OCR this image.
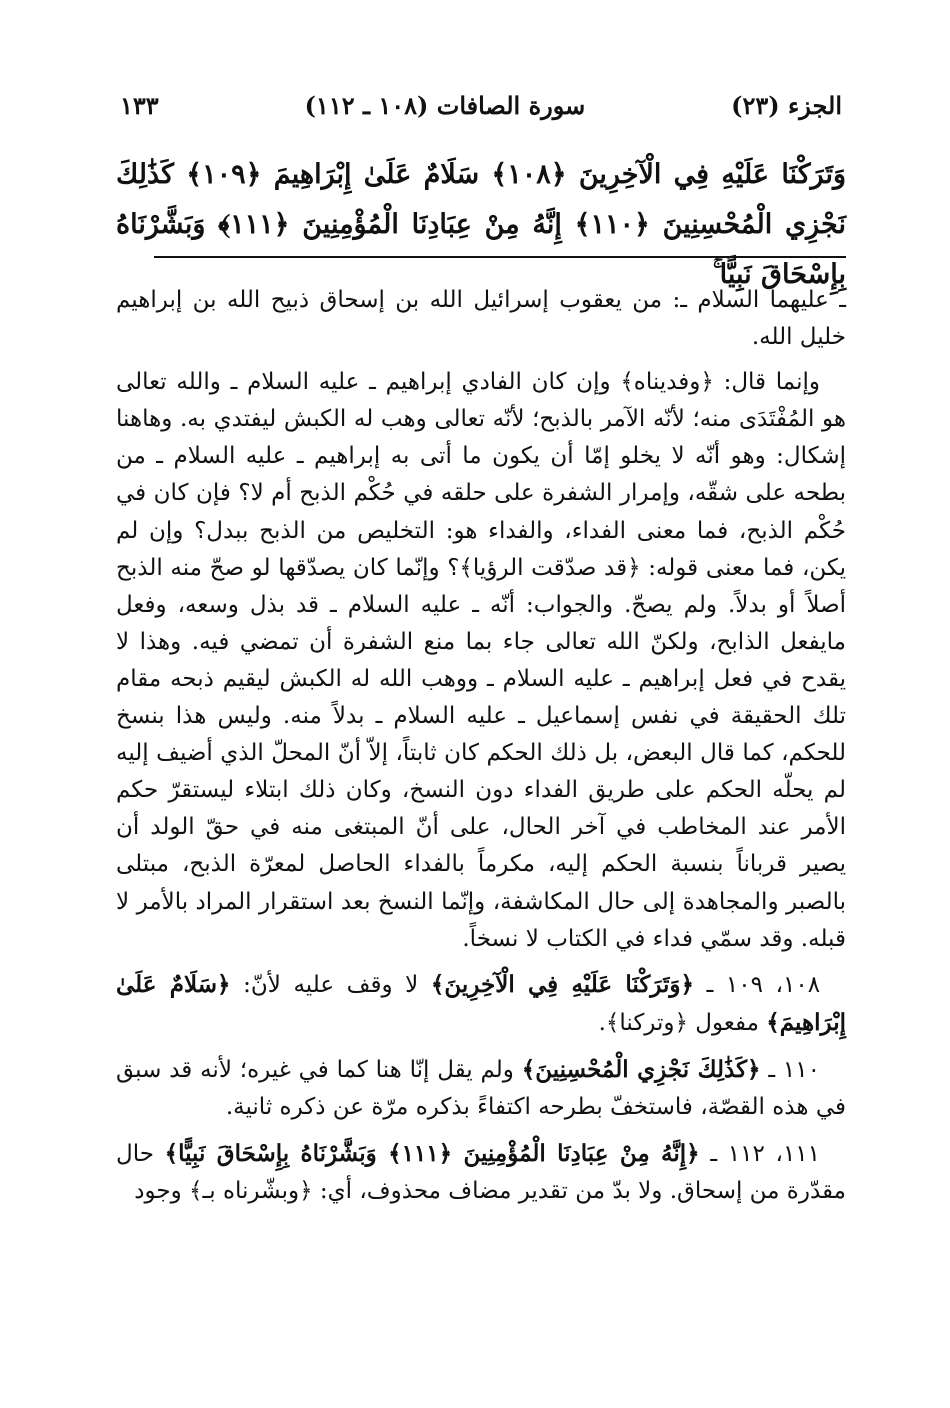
الجزء (٢٣)
سورة الصافات (١٠٨ ـ ١١٢)
١٣٣
وَتَرَكْنَا عَلَيْهِ فِي الْآخِرِينَ ﴿١٠٨﴾ سَلَامٌ عَلَىٰ إِبْرَاهِيمَ ﴿١٠٩﴾ كَذَٰلِكَ نَجْزِي الْمُحْسِنِينَ ﴿١١٠﴾ إِنَّهُ مِنْ عِبَادِنَا الْمُؤْمِنِينَ ﴿١١١﴾ وَبَشَّرْنَاهُ بِإِسْحَاقَ نَبِيًّا ۚ

ـ عليهما السلام ـ: من يعقوب إسرائيل الله بن إسحاق ذبيح الله بن إبراهيم خليل الله.

وإنما قال: ﴿وفديناه﴾ وإن كان الفادي إبراهيم ـ عليه السلام ـ والله تعالى هو المُفْتَدَى منه؛ لأنّه الآمر بالذبح؛ لأنّه تعالى وهب له الكبش ليفتدي به. وهاهنا إشكال: وهو أنّه لا يخلو إمّا أن يكون ما أتى به إبراهيم ـ عليه السلام ـ من بطحه على شقّه، وإمرار الشفرة على حلقه في حُكْم الذبح أم لا؟ فإن كان في حُكْم الذبح، فما معنى الفداء، والفداء هو: التخليص من الذبح ببدل؟ وإن لم يكن، فما معنى قوله: ﴿قد صدّقت الرؤيا﴾؟ وإنّما كان يصدّقها لو صحّ منه الذبح أصلاً أو بدلاً. ولم يصحّ. والجواب: أنّه ـ عليه السلام ـ قد بذل وسعه، وفعل مايفعل الذابح، ولكنّ الله تعالى جاء بما منع الشفرة أن تمضي فيه. وهذا لا يقدح في فعل إبراهيم ـ عليه السلام ـ ووهب الله له الكبش ليقيم ذبحه مقام تلك الحقيقة في نفس إسماعيل ـ عليه السلام ـ بدلاً منه. وليس هذا بنسخ للحكم، كما قال البعض، بل ذلك الحكم كان ثابتاً، إلاّ أنّ المحلّ الذي أضيف إليه لم يحلّه الحكم على طريق الفداء دون النسخ، وكان ذلك ابتلاء ليستقرّ حكم الأمر عند المخاطب في آخر الحال، على أنّ المبتغى منه في حقّ الولد أن يصير قرباناً بنسبة الحكم إليه، مكرماً بالفداء الحاصل لمعرّة الذبح، مبتلى بالصبر والمجاهدة إلى حال المكاشفة، وإنّما النسخ بعد استقرار المراد بالأمر لا قبله. وقد سمّي فداء في الكتاب لا نسخاً.

١٠٨، ١٠٩ ـ ﴿وَتَرَكْنَا عَلَيْهِ فِي الْآخِرِينَ﴾ لا وقف عليه لأنّ: ﴿سَلَامٌ عَلَىٰ إِبْرَاهِيمَ﴾ مفعول ﴿وتركنا﴾.

١١٠ ـ ﴿كَذَٰلِكَ نَجْزِي الْمُحْسِنِينَ﴾ ولم يقل إنّا هنا كما في غيره؛ لأنه قد سبق في هذه القصّة، فاستخفّ بطرحه اكتفاءً بذكره مرّة عن ذكره ثانية.

١١١، ١١٢ ـ ﴿إِنَّهُ مِنْ عِبَادِنَا الْمُؤْمِنِينَ ﴿١١١﴾ وَبَشَّرْنَاهُ بِإِسْحَاقَ نَبِيًّا﴾ حال مقدّرة من إسحاق. ولا بدّ من تقدير مضاف محذوف، أي: ﴿وبشّرناه بـ﴾ وجود
